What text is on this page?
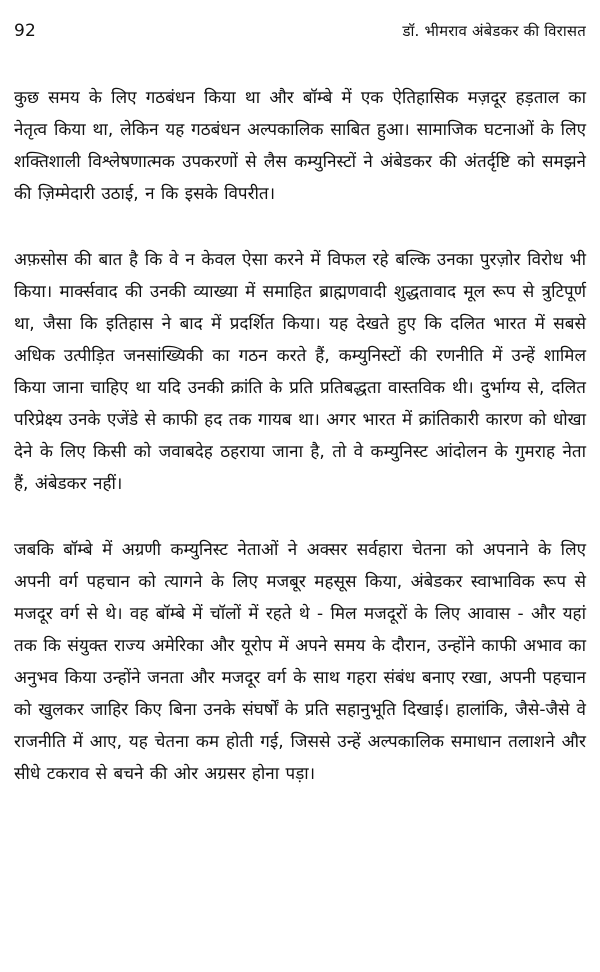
92	डॉ. भीमराव अंबेडकर की विरासत

कुछ समय के लिए गठबंधन किया था और बॉम्बे में एक ऐतिहासिक मज़दूर हड़ताल का नेतृत्व किया था, लेकिन यह गठबंधन अल्पकालिक साबित हुआ। सामाजिक घटनाओं के लिए शक्तिशाली विश्लेषणात्मक उपकरणों से लैस कम्युनिस्टों ने अंबेडकर की अंतर्दृष्टि को समझने की ज़िम्मेदारी उठाई, न कि इसके विपरीत।

अफ़सोस की बात है कि वे न केवल ऐसा करने में विफल रहे बल्कि उनका पुरज़ोर विरोध भी किया। मार्क्सवाद की उनकी व्याख्या में समाहित ब्राह्मणवादी शुद्धतावाद मूल रूप से त्रुटिपूर्ण था, जैसा कि इतिहास ने बाद में प्रदर्शित किया। यह देखते हुए कि दलित भारत में सबसे अधिक उत्पीड़ित जनसांख्यिकी का गठन करते हैं, कम्युनिस्टों की रणनीति में उन्हें शामिल किया जाना चाहिए था यदि उनकी क्रांति के प्रति प्रतिबद्धता वास्तविक थी। दुर्भाग्य से, दलित परिप्रेक्ष्य उनके एजेंडे से काफी हद तक गायब था। अगर भारत में क्रांतिकारी कारण को धोखा देने के लिए किसी को जवाबदेह ठहराया जाना है, तो वे कम्युनिस्ट आंदोलन के गुमराह नेता हैं, अंबेडकर नहीं।

जबकि बॉम्बे में अग्रणी कम्युनिस्ट नेताओं ने अक्सर सर्वहारा चेतना को अपनाने के लिए अपनी वर्ग पहचान को त्यागने के लिए मजबूर महसूस किया, अंबेडकर स्वाभाविक रूप से मजदूर वर्ग से थे। वह बॉम्बे में चॉलों में रहते थे - मिल मजदूरों के लिए आवास - और यहां तक कि संयुक्त राज्य अमेरिका और यूरोप में अपने समय के दौरान, उन्होंने काफी अभाव का अनुभव किया उन्होंने जनता और मजदूर वर्ग के साथ गहरा संबंध बनाए रखा, अपनी पहचान को खुलकर जाहिर किए बिना उनके संघर्षों के प्रति सहानुभूति दिखाई। हालांकि, जैसे-जैसे वे राजनीति में आए, यह चेतना कम होती गई, जिससे उन्हें अल्पकालिक समाधान तलाशने और सीधे टकराव से बचने की ओर अग्रसर होना पड़ा।
